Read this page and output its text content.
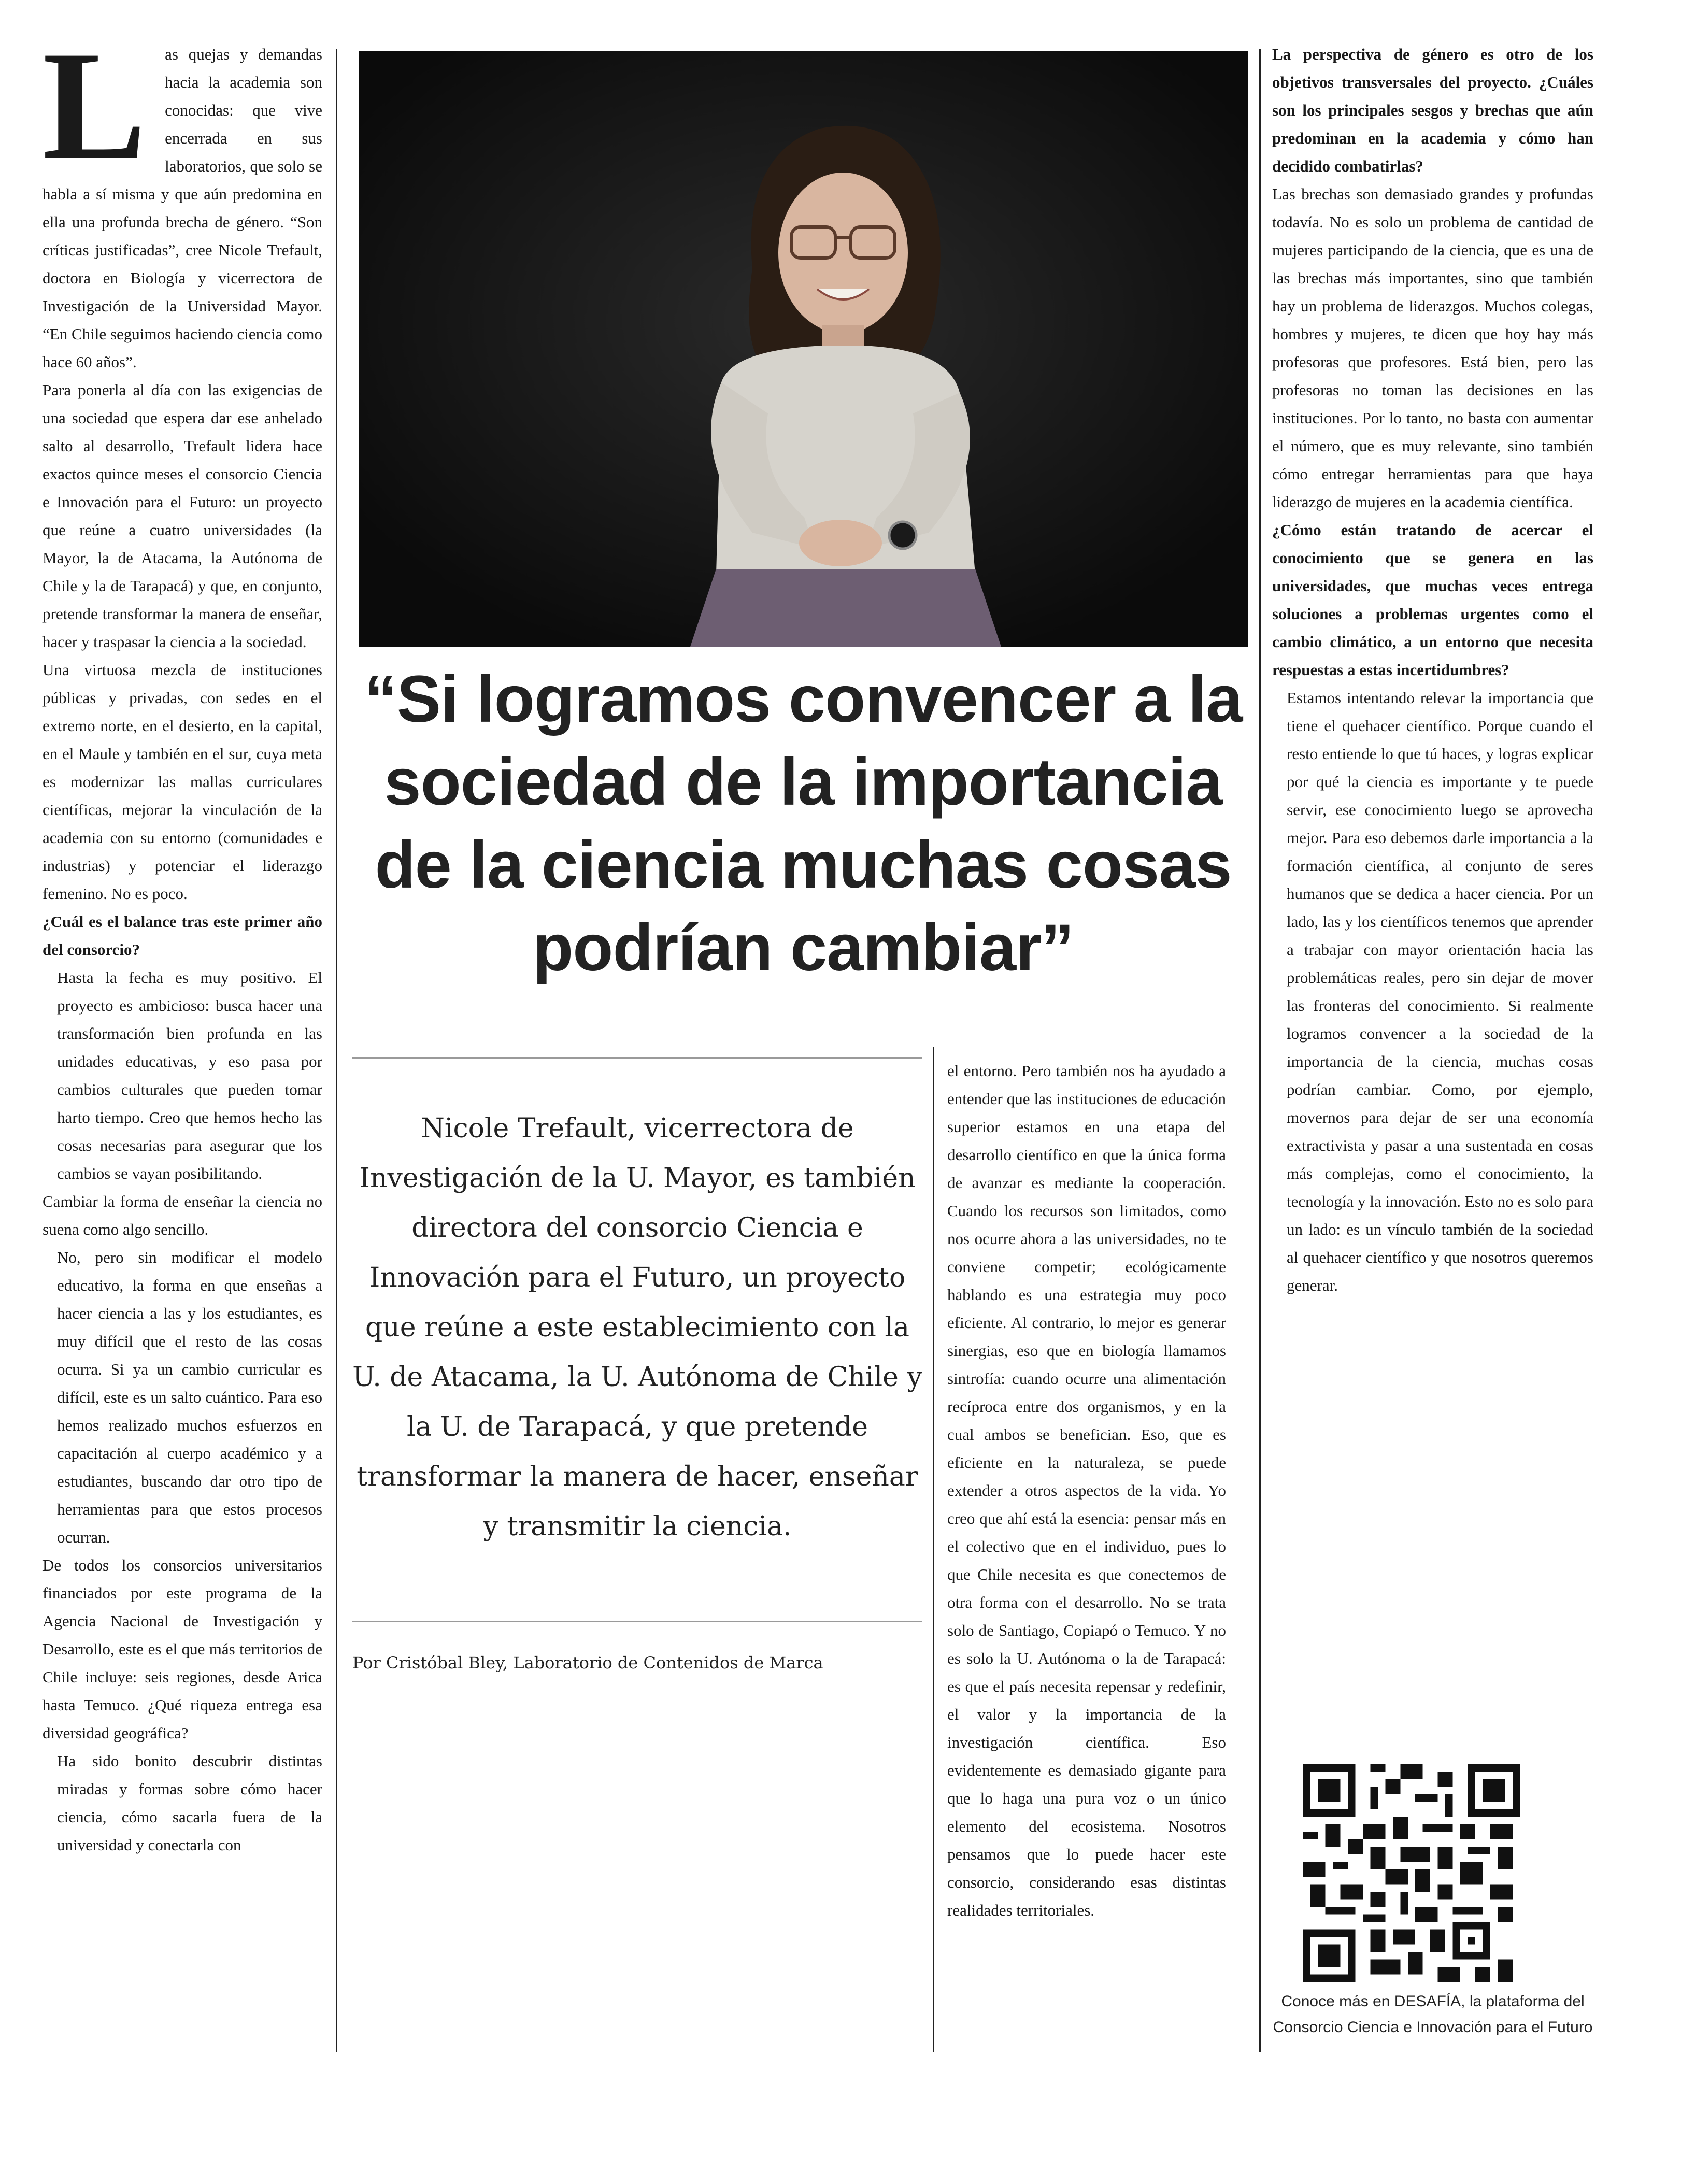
L	as quejas y demandas hacia la academia son conocidas: que vive encerrada en sus laboratorios, que solo se habla a sí misma y que aún predomina en ella una profunda brecha de género. “Son críticas justificadas”, cree Nicole Trefault, doctora en Biología y vicerrectora de Investigación de la Universidad Mayor. “En Chile seguimos haciendo ciencia como hace 60 años”.

Para ponerla al día con las exigencias de una sociedad que espera dar ese anhelado salto al desarrollo, Trefault lidera hace exactos quince meses el consorcio Ciencia e Innovación para el Futuro: un proyecto que reúne a cuatro universidades (la Mayor, la de Atacama, la Autónoma de Chile y la de Tarapacá) y que, en conjunto, pretende transformar la manera de enseñar, hacer y traspasar la ciencia a la sociedad.

Una virtuosa mezcla de instituciones públicas y privadas, con sedes en el extremo norte, en el desierto, en la capital, en el Maule y también en el sur, cuya meta es modernizar las mallas curriculares científicas, mejorar la vinculación de la academia con su entorno (comunidades e industrias) y potenciar el liderazgo femenino. No es poco.

¿Cuál es el balance tras este primer año del consorcio?

Hasta la fecha es muy positivo. El proyecto es ambicioso: busca hacer una transformación bien profunda en las unidades educativas, y eso pasa por cambios culturales que pueden tomar harto tiempo. Creo que hemos hecho las cosas necesarias para asegurar que los cambios se vayan posibilitando.

Cambiar la forma de enseñar la ciencia no suena como algo sencillo.

No, pero sin modificar el modelo educativo, la forma en que enseñas a hacer ciencia a las y los estudiantes, es muy difícil que el resto de las cosas ocurra. Si ya un cambio curricular es difícil, este es un salto cuántico. Para eso hemos realizado muchos esfuerzos en capacitación al cuerpo académico y a estudiantes, buscando dar otro tipo de herramientas para que estos procesos ocurran.

De todos los consorcios universitarios financiados por este programa de la Agencia Nacional de Investigación y Desarrollo, este es el que más territorios de Chile incluye: seis regiones, desde Arica hasta Temuco. ¿Qué riqueza entrega esa diversidad geográfica?

Ha sido bonito descubrir distintas miradas y formas sobre cómo hacer ciencia, cómo sacarla fuera de la universidad y conectarla con

“Si logramos convencer a la sociedad de la importancia de la ciencia muchas cosas podrían cambiar”

Nicole Trefault, vicerrectora de Investigación de la U. Mayor, es también directora del consorcio Ciencia e Innovación para el Futuro, un proyecto que reúne a este establecimiento con la U. de Atacama, la U. Autónoma de Chile y la U. de Tarapacá, y que pretende transformar la manera de hacer, enseñar y transmitir la ciencia.

Por Cristóbal Bley, Laboratorio de Contenidos de Marca

el entorno. Pero también nos ha ayudado a entender que las instituciones de educación superior estamos en una etapa del desarrollo científico en que la única forma de avanzar es mediante la cooperación. Cuando los recursos son limitados, como nos ocurre ahora a las universidades, no te conviene competir; ecológicamente hablando es una estrategia muy poco eficiente. Al contrario, lo mejor es generar sinergias, eso que en biología llamamos sintrofía: cuando ocurre una alimentación recíproca entre dos organismos, y en la cual ambos se benefician. Eso, que es eficiente en la naturaleza, se puede extender a otros aspectos de la vida. Yo creo que ahí está la esencia: pensar más en el colectivo que en el individuo, pues lo que Chile necesita es que conectemos de otra forma con el desarrollo. No se trata solo de Santiago, Copiapó o Temuco. Y no es solo la U. Autónoma o la de Tarapacá: es que el país necesita repensar y redefinir, el valor y la importancia de la investigación científica. Eso evidentemente es demasiado gigante para que lo haga una pura voz o un único elemento del ecosistema. Nosotros pensamos que lo puede hacer este consorcio, considerando esas distintas realidades territoriales.

La perspectiva de género es otro de los objetivos transversales del proyecto. ¿Cuáles son los principales sesgos y brechas que aún predominan en la academia y cómo han decidido combatirlas?

Las brechas son demasiado grandes y profundas todavía. No es solo un problema de cantidad de mujeres participando de la ciencia, que es una de las brechas más importantes, sino que también hay un problema de liderazgos. Muchos colegas, hombres y mujeres, te dicen que hoy hay más profesoras que profesores. Está bien, pero las profesoras no toman las decisiones en las instituciones. Por lo tanto, no basta con aumentar el número, que es muy relevante, sino también cómo entregar herramientas para que haya liderazgo de mujeres en la academia científica.

¿Cómo están tratando de acercar el conocimiento que se genera en las universidades, que muchas veces entrega soluciones a problemas urgentes como el cambio climático, a un entorno que necesita respuestas a estas incertidumbres?

Estamos intentando relevar la importancia que tiene el quehacer científico. Porque cuando el resto entiende lo que tú haces, y logras explicar por qué la ciencia es importante y te puede servir, ese conocimiento luego se aprovecha mejor. Para eso debemos darle importancia a la formación científica, al conjunto de seres humanos que se dedica a hacer ciencia. Por un lado, las y los científicos tenemos que aprender a trabajar con mayor orientación hacia las problemáticas reales, pero sin dejar de mover las fronteras del conocimiento. Si realmente logramos convencer a la sociedad de la importancia de la ciencia, muchas cosas podrían cambiar. Como, por ejemplo, movernos para dejar de ser una economía extractivista y pasar a una sustentada en cosas más complejas, como el conocimiento, la tecnología y la innovación. Esto no es solo para un lado: es un vínculo también de la sociedad al quehacer científico y que nosotros queremos generar.

Conoce más en DESAFÍA, la plataforma del Consorcio Ciencia e Innovación para el Futuro
